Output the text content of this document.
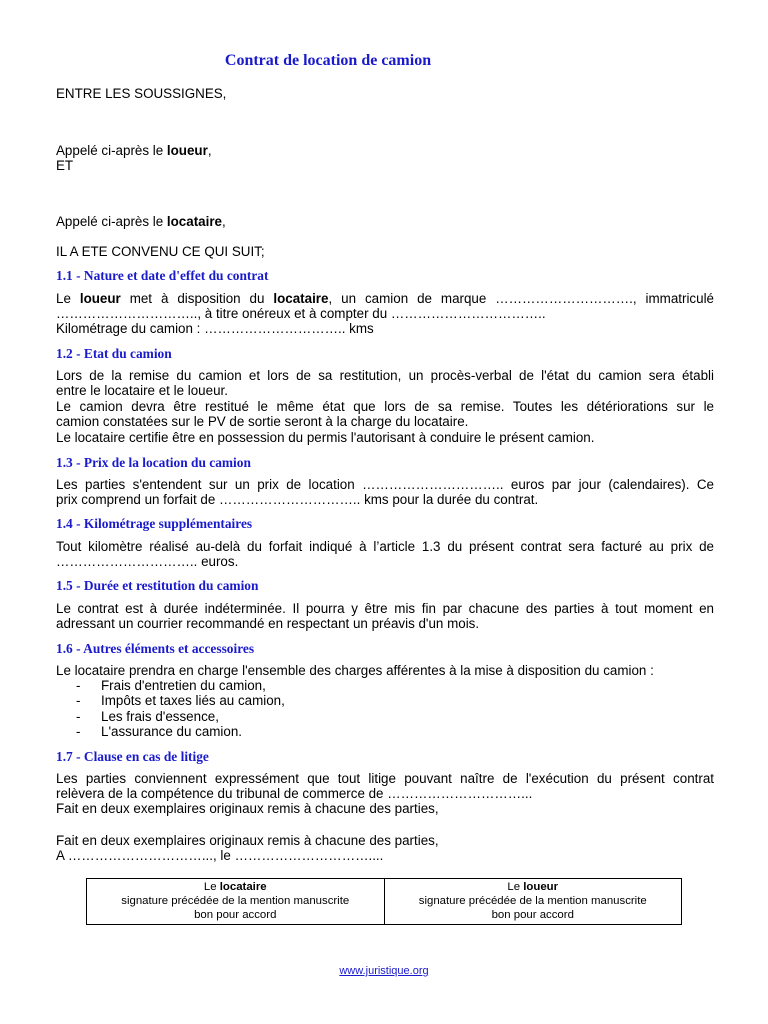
Contrat de location de camion
ENTRE LES SOUSSIGNES,
Appelé ci-après le loueur,
ET
Appelé ci-après le locataire,
IL A ETE CONVENU CE QUI SUIT;
1.1 - Nature et date d'effet du contrat
Le loueur met à disposition du locataire, un camion de marque …………………………., immatriculé
………………………….., à titre onéreux et à compter du ……………………………..
Kilométrage du camion : ………………………….. kms
1.2 - Etat du camion
Lors de la remise du camion et lors de sa restitution, un procès-verbal de l'état du camion sera établi
entre le locataire et le loueur.
Le camion devra être restitué le même état que lors de sa remise. Toutes les détériorations sur le
camion constatées sur le PV de sortie seront à la charge du locataire.
Le locataire certifie être en possession du permis l'autorisant à conduire le présent camion.
1.3 - Prix de la location du camion
Les parties s'entendent sur un prix de location ………………………….. euros par jour (calendaires). Ce
prix comprend un forfait de ………………………….. kms pour la durée du contrat.
1.4 - Kilométrage supplémentaires
Tout kilomètre réalisé au-delà du forfait indiqué à l’article 1.3 du présent contrat sera facturé au prix de
………………………….. euros.
1.5 - Durée et restitution du camion
Le contrat est à durée indéterminée. Il pourra y être mis fin par chacune des parties à tout moment en
adressant un courrier recommandé en respectant un préavis d'un mois.
1.6 - Autres éléments et accessoires
Le locataire prendra en charge l'ensemble des charges afférentes à la mise à disposition du camion :
- Frais d'entretien du camion,
- Impôts et taxes liés au camion,
- Les frais d'essence,
- L'assurance du camion.
1.7 - Clause en cas de litige
Les parties conviennent expressément que tout litige pouvant naître de l'exécution du présent contrat
relèvera de la compétence du tribunal de commerce de …………………………...
Fait en deux exemplaires originaux remis à chacune des parties,
Fait en deux exemplaires originaux remis à chacune des parties,
A …………………………..., le …………………………....
Le locataire
signature précédée de la mention manuscrite
bon pour accord

Le loueur
signature précédée de la mention manuscrite
bon pour accord
www.juristique.org
